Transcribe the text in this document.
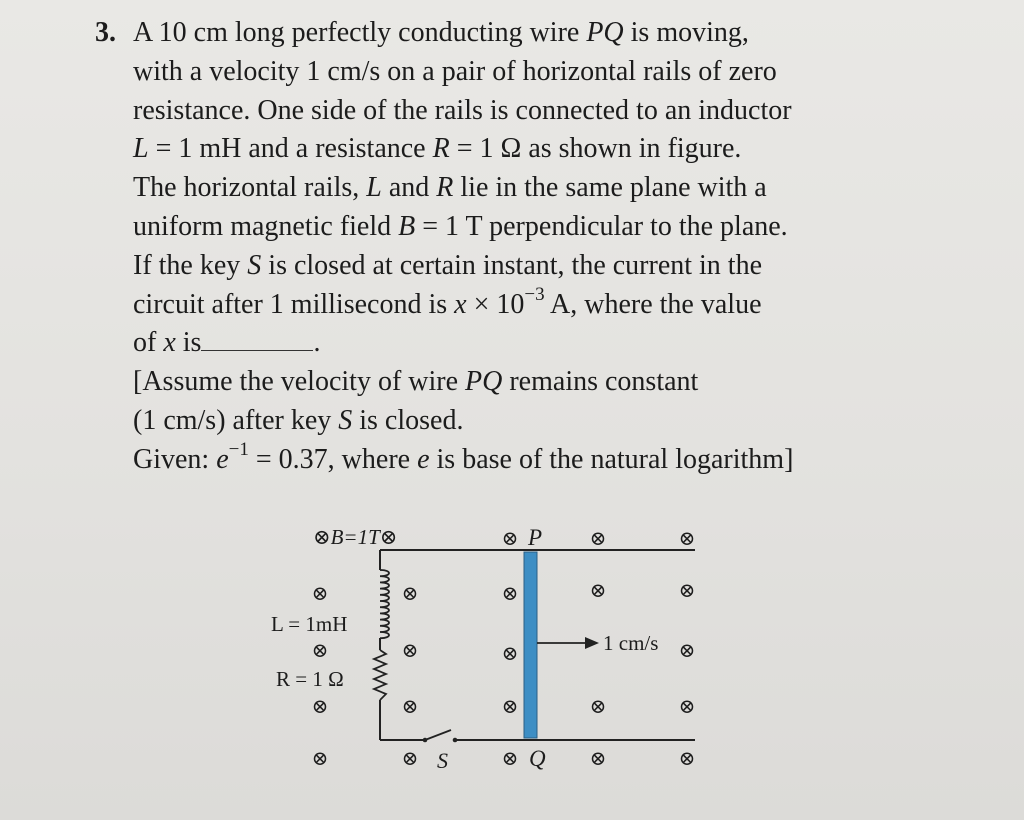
3. A 10 cm long perfectly conducting wire PQ is moving,
with a velocity 1 cm/s on a pair of horizontal rails of zero
resistance. One side of the rails is connected to an inductor
L = 1 mH and a resistance R = 1 Ω as shown in figure.
The horizontal rails, L and R lie in the same plane with a
uniform magnetic field B = 1 T perpendicular to the plane.
If the key S is closed at certain instant, the current in the
circuit after 1 millisecond is $x \times 10^{-3}$ A, where the value
of x is	.
[Assume the velocity of wire PQ remains constant
(1 cm/s) after key S is closed.
Given: $e^{-1} = 0.37$, where e is base of the natural logarithm]
⊗B=1T⊗	P
Q
S
L = 1mH
R = 1 Ω
1 cm/s
⊗	⊗	⊗
⊗	⊗	⊗	⊗	⊗
⊗	⊗	⊗	⊗
⊗	⊗	⊗	⊗	⊗
⊗	⊗	⊗	⊗	⊗
